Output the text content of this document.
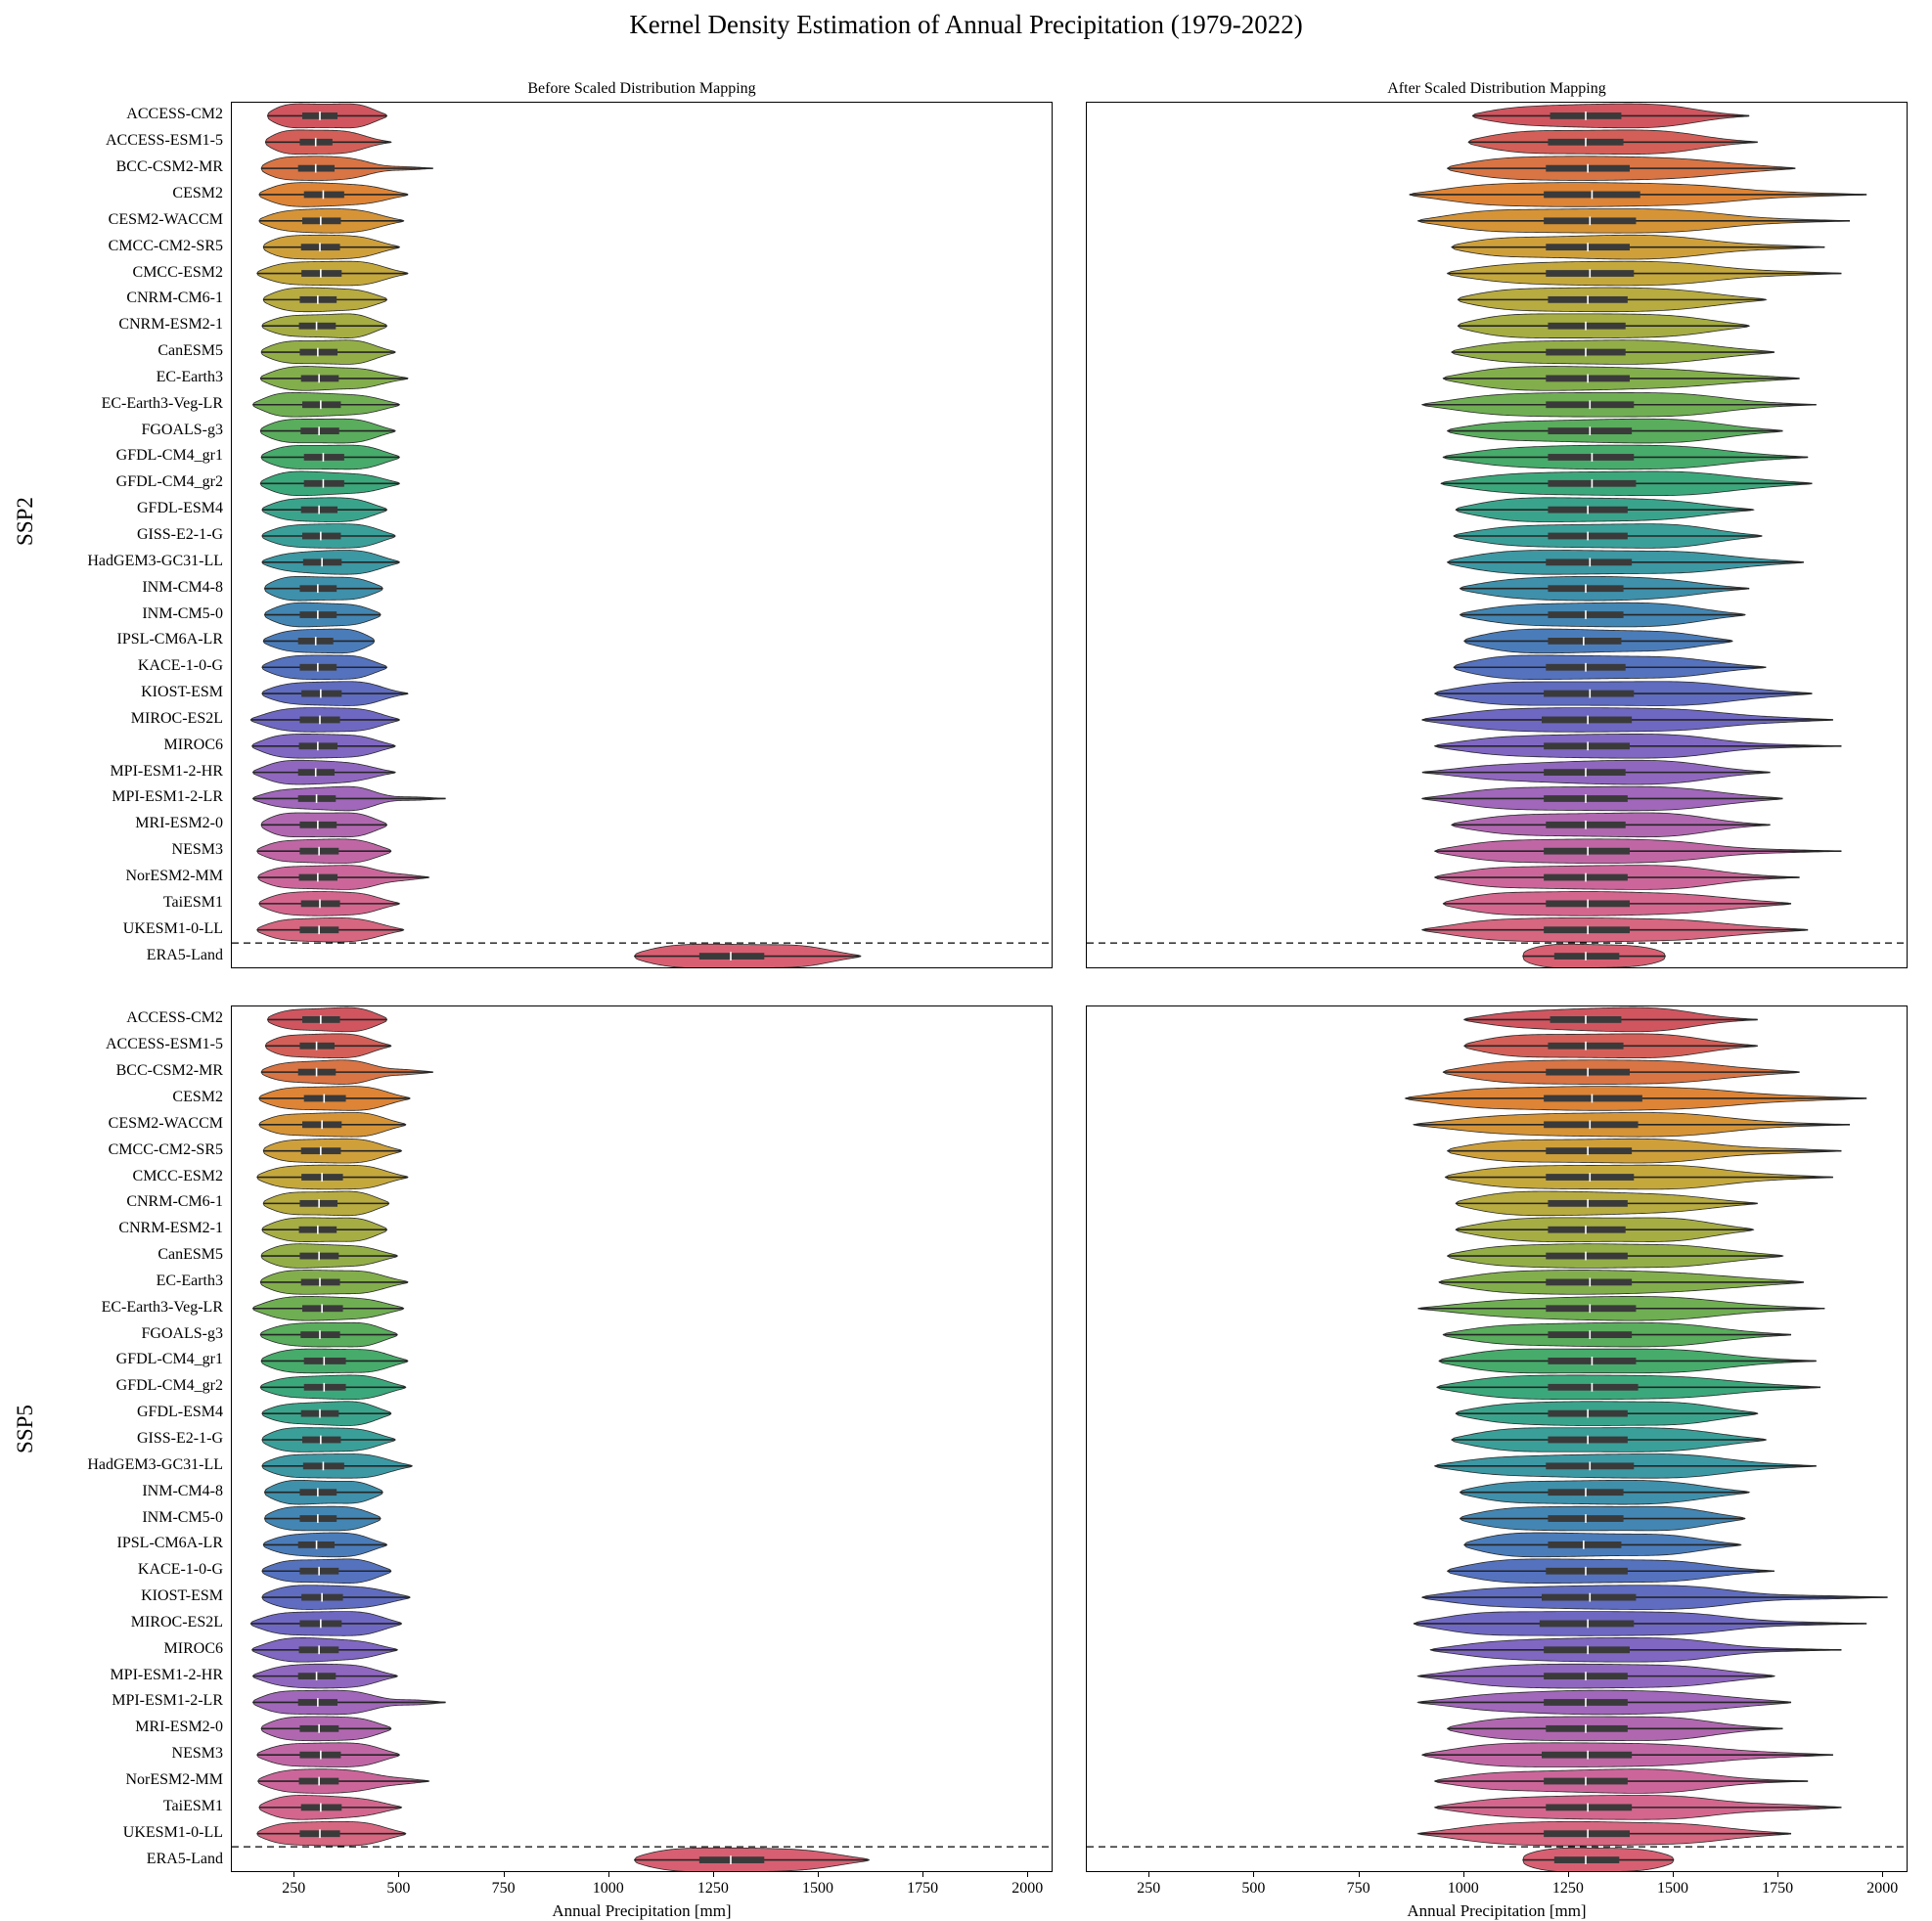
Kernel Density Estimation of Annual Precipitation (1979-2022)
Before Scaled Distribution Mapping	After Scaled Distribution Mapping
SSP2
SSP5
ACCESS-CM2
ACCESS-ESM1-5
BCC-CSM2-MR
CESM2
CESM2-WACCM
CMCC-CM2-SR5
CMCC-ESM2
CNRM-CM6-1
CNRM-ESM2-1
CanESM5
EC-Earth3
EC-Earth3-Veg-LR
FGOALS-g3
GFDL-CM4_gr1
GFDL-CM4_gr2
GFDL-ESM4
GISS-E2-1-G
HadGEM3-GC31-LL
INM-CM4-8
INM-CM5-0
IPSL-CM6A-LR
KACE-1-0-G
KIOST-ESM
MIROC-ES2L
MIROC6
MPI-ESM1-2-HR
MPI-ESM1-2-LR
MRI-ESM2-0
NESM3
NorESM2-MM
TaiESM1
UKESM1-0-LL
ERA5-Land
ACCESS-CM2
ACCESS-ESM1-5
BCC-CSM2-MR
CESM2
CESM2-WACCM
CMCC-CM2-SR5
CMCC-ESM2
CNRM-CM6-1
CNRM-ESM2-1
CanESM5
EC-Earth3
EC-Earth3-Veg-LR
FGOALS-g3
GFDL-CM4_gr1
GFDL-CM4_gr2
GFDL-ESM4
GISS-E2-1-G
HadGEM3-GC31-LL
INM-CM4-8
INM-CM5-0
IPSL-CM6A-LR
KACE-1-0-G
KIOST-ESM
MIROC-ES2L
MIROC6
MPI-ESM1-2-HR
MPI-ESM1-2-LR
MRI-ESM2-0
NESM3
NorESM2-MM
TaiESM1
UKESM1-0-LL
ERA5-Land
250	500	750	1000	1250	1500	1750	2000	250	500	750	1000	1250	1500	1750	2000
Annual Precipitation [mm]	Annual Precipitation [mm]
